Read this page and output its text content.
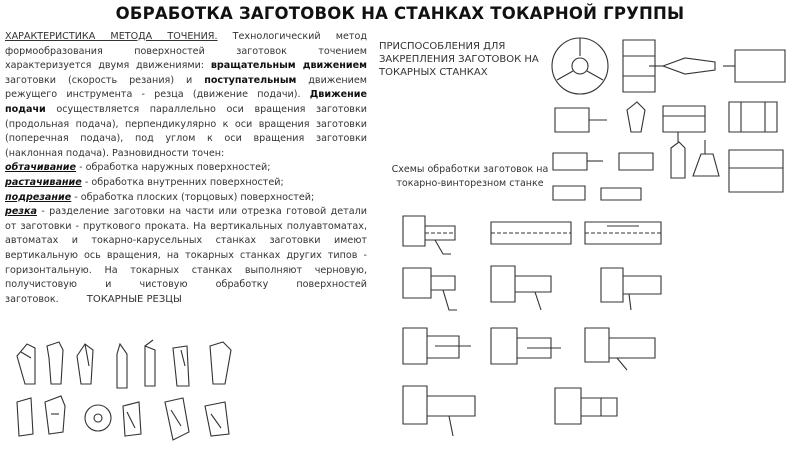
ОБРАБОТКА ЗАГОТОВОК НА СТАНКАХ ТОКАРНОЙ ГРУППЫ
ХАРАКТЕРИСТИКА МЕТОДА ТОЧЕНИЯ. Технологический метод формообразования поверхностей заготовок точением характеризуется двумя движениями: вращательным движением заготовки (скорость резания) и поступательным движением режущего инструмента - резца (движение подачи). Движение подачи осуществляется параллельно оси вращения заготовки (продольная подача), перпендикулярно к оси вращения заготовки (поперечная подача), под углом к оси вращения заготовки (наклонная подача). Разновидности точен:
обтачивание - обработка наружных поверхностей;
растачивание - обработка внутренних поверхностей;
подрезание - обработка плоских (торцовых) поверхностей;
резка - разделение заготовки на части или отрезка готовой детали от заготовки - пруткового проката. На вертикальных полуавтоматах, автоматах и токарно-карусельных станках заготовки имеют вертикальную ось вращения, на токарных станках других типов - горизонтальную. На токарных станках выполняют черновую, получистовую и чистовую обработку поверхностей заготовок.	ТОКАРНЫЕ РЕЗЦЫ
ПРИСПОСОБЛЕНИЯ ДЛЯ ЗАКРЕПЛЕНИЯ ЗАГОТОВОК НА ТОКАРНЫХ СТАНКАХ
Схемы обработки заготовок на токарно-винторезном станке
